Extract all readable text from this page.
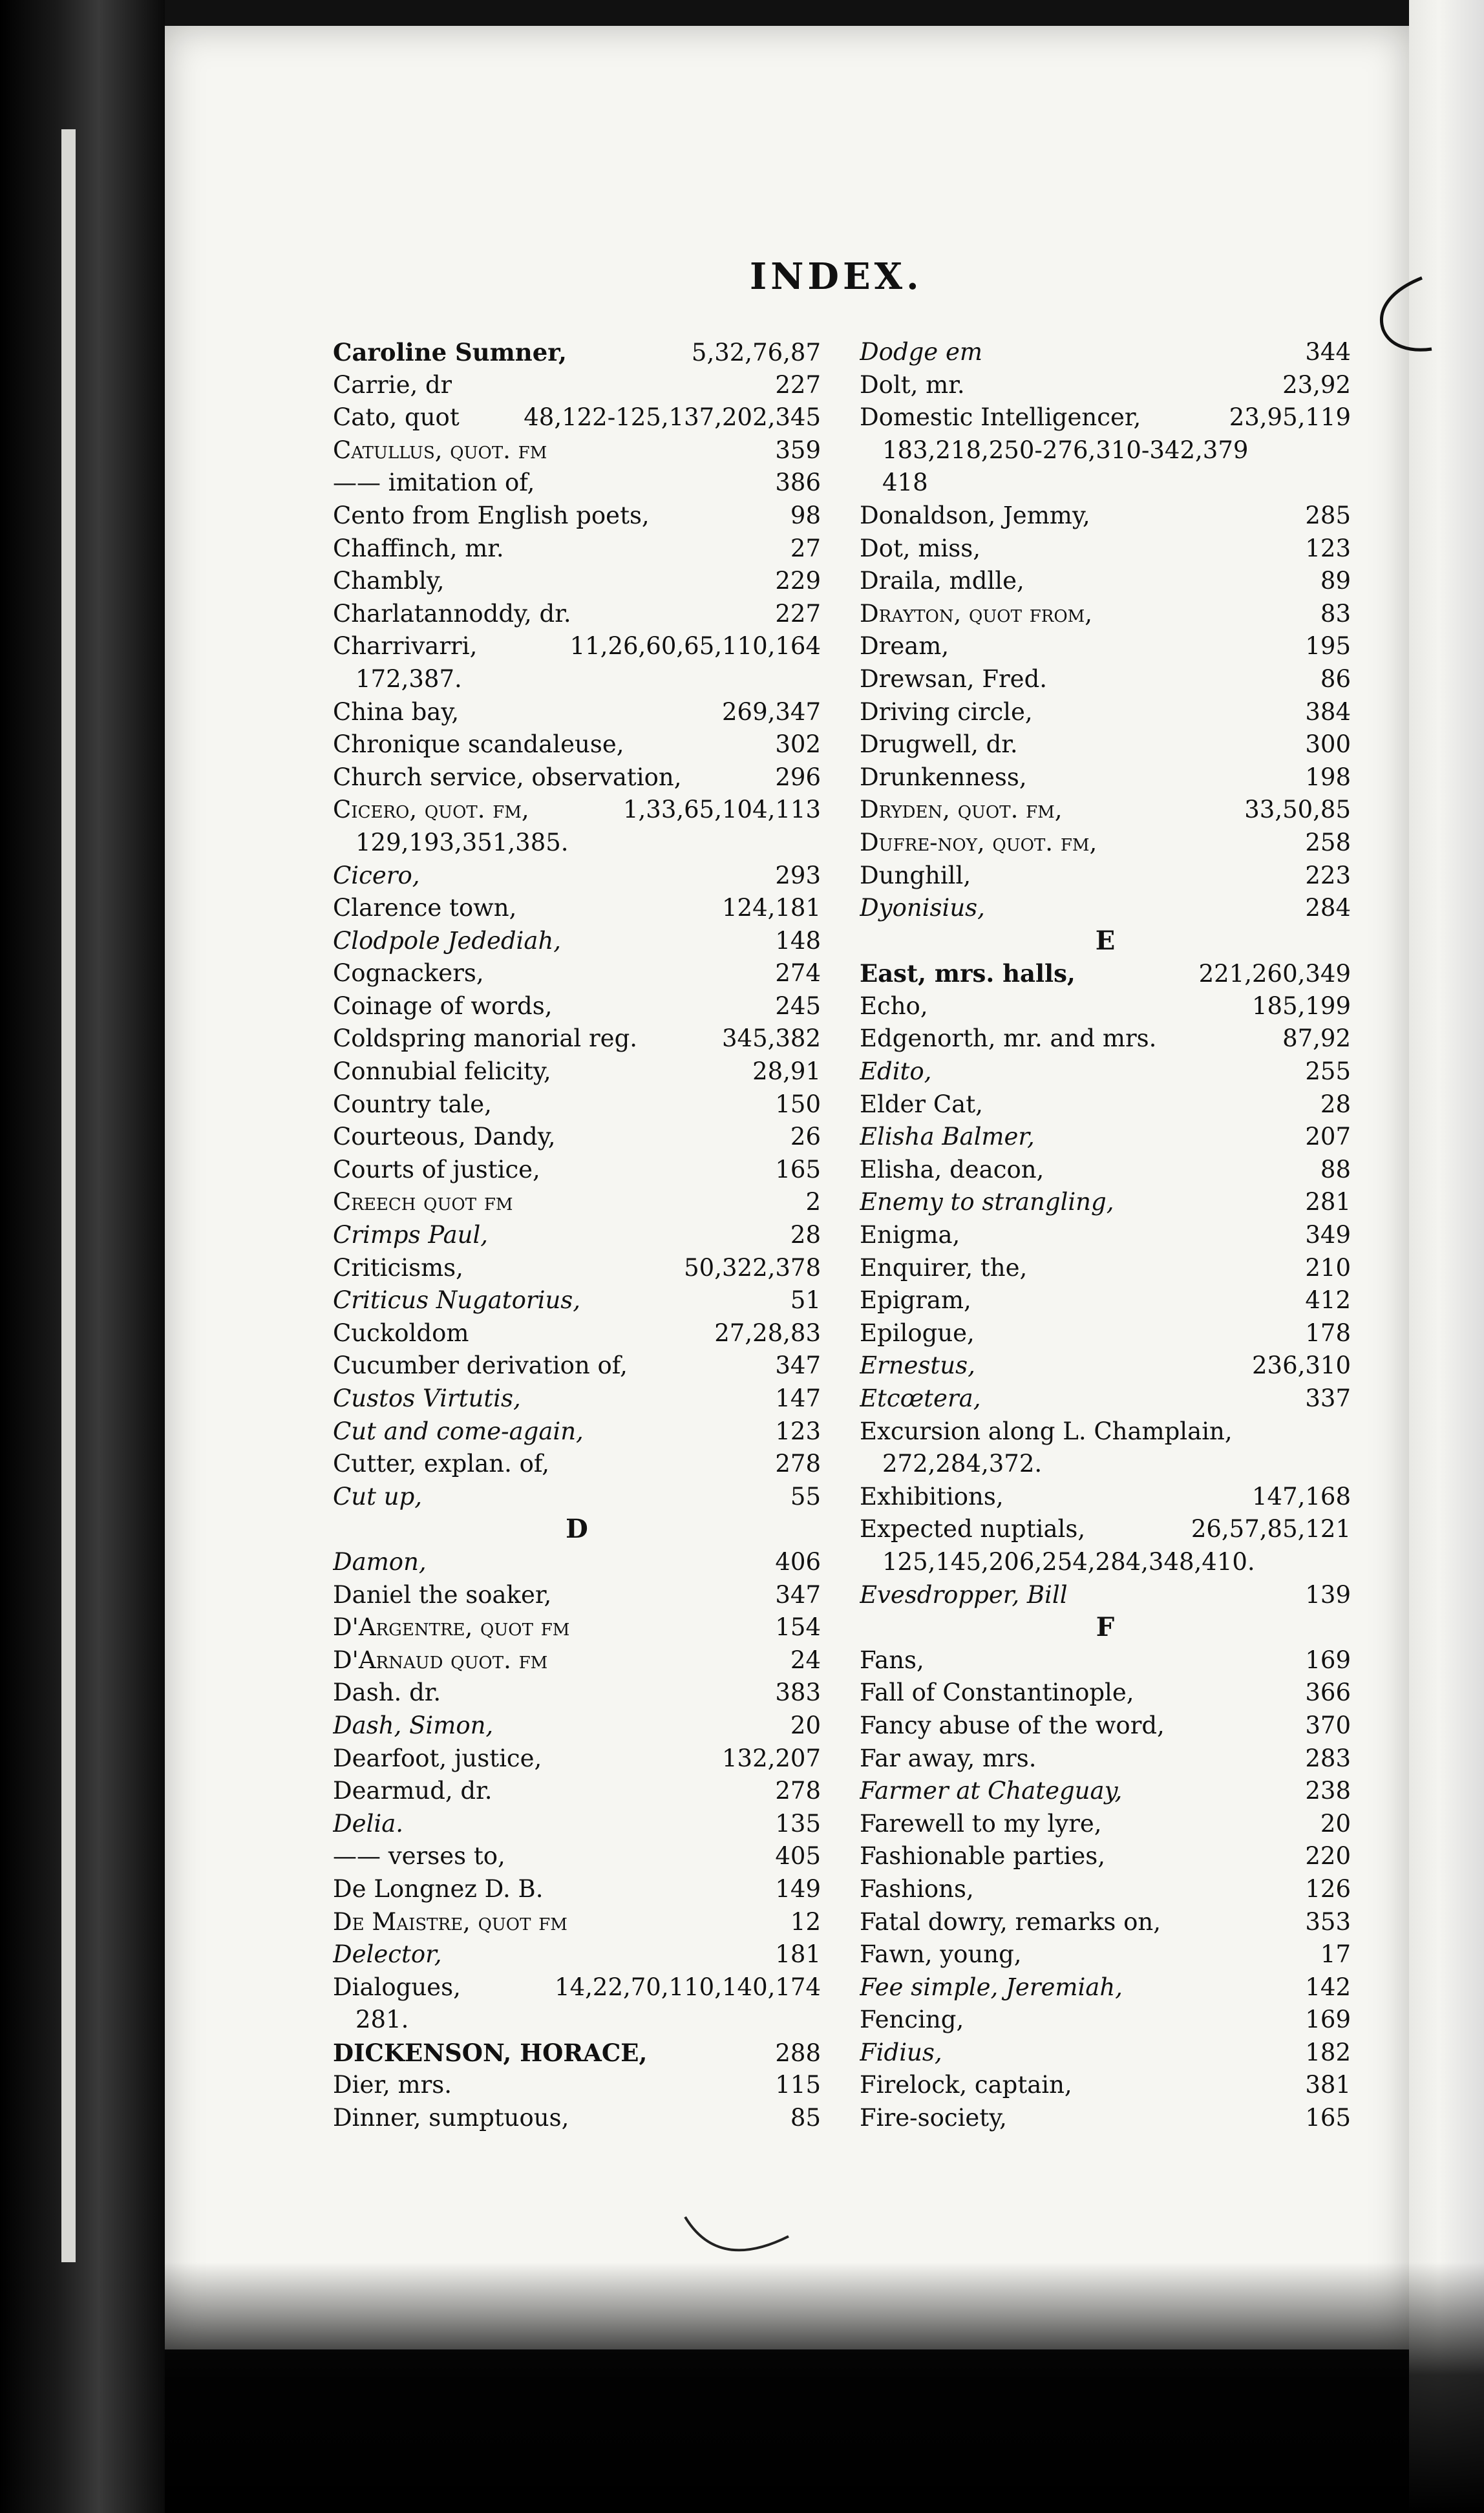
INDEX.
Caroline Sumner,	5,32,76,87
Carrie, dr	227
Cato, quot	48,122-125,137,202,345
Catullus, quot. fm	359
—— imitation of,	386
Cento from English poets,	98
Chaffinch, mr.	27
Chambly,	229
Charlatannoddy, dr.	227
Charrivarri,	11,26,60,65,110,164
172,387.
China bay,	269,347
Chronique scandaleuse,	302
Church service, observation,	296
Cicero, quot. fm,	1,33,65,104,113
129,193,351,385.
Cicero,	293
Clarence town,	124,181
Clodpole Jedediah,	148
Cognackers,	274
Coinage of words,	245
Coldspring manorial reg.	345,382
Connubial felicity,	28,91
Country tale,	150
Courteous, Dandy,	26
Courts of justice,	165
Creech quot fm	2
Crimps Paul,	28
Criticisms,	50,322,378
Criticus Nugatorius,	51
Cuckoldom	27,28,83
Cucumber derivation of,	347
Custos Virtutis,	147
Cut and come-again,	123
Cutter, explan. of,	278
Cut up,	55
D
Damon,	406
Daniel the soaker,	347
D'Argentre, quot fm	154
D'Arnaud quot. fm	24
Dash. dr.	383
Dash, Simon,	20
Dearfoot, justice,	132,207
Dearmud, dr.	278
Delia.	135
—— verses to,	405
De Longnez D. B.	149
De Maistre, quot fm	12
Delector,	181
Dialogues,	14,22,70,110,140,174
281.
DICKENSON, HORACE,	288
Dier, mrs.	115
Dinner, sumptuous,	85
Dodge em	344
Dolt, mr.	23,92
Domestic Intelligencer,	23,95,119
183,218,250-276,310-342,379
418
Donaldson, Jemmy,	285
Dot, miss,	123
Draila, mdlle,	89
Drayton, quot from,	83
Dream,	195
Drewsan, Fred.	86
Driving circle,	384
Drugwell, dr.	300
Drunkenness,	198
Dryden, quot. fm,	33,50,85
Dufre-noy, quot. fm,	258
Dunghill,	223
Dyonisius,	284
E
East, mrs. halls,	221,260,349
Echo,	185,199
Edgenorth, mr. and mrs.	87,92
Edito,	255
Elder Cat,	28
Elisha Balmer,	207
Elisha, deacon,	88
Enemy to strangling,	281
Enigma,	349
Enquirer, the,	210
Epigram,	412
Epilogue,	178
Ernestus,	236,310
Etcœtera,	337
Excursion along L. Champlain,
272,284,372.
Exhibitions,	147,168
Expected nuptials,	26,57,85,121
125,145,206,254,284,348,410.
Evesdropper, Bill	139
F
Fans,	169
Fall of Constantinople,	366
Fancy abuse of the word,	370
Far away, mrs.	283
Farmer at Chateguay,	238
Farewell to my lyre,	20
Fashionable parties,	220
Fashions,	126
Fatal dowry, remarks on,	353
Fawn, young,	17
Fee simple, Jeremiah,	142
Fencing,	169
Fidius,	182
Firelock, captain,	381
Fire-society,	165
